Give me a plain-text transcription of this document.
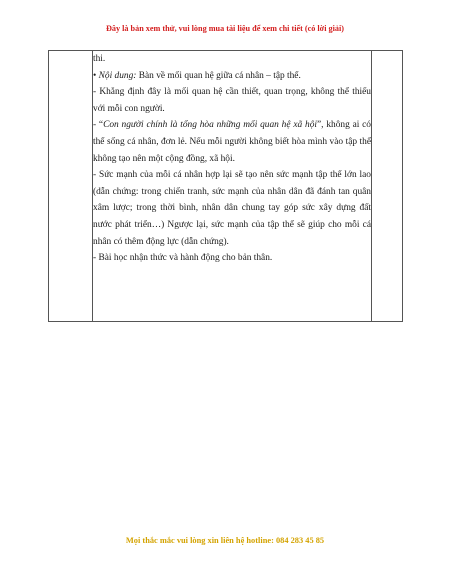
Đây là bản xem thử, vui lòng mua tài liệu để xem chi tiết (có lời giải)

thi.

• Nội dung: Bàn về mối quan hệ giữa cá nhân – tập thể.

- Khẳng định đây là mối quan hệ cần thiết, quan trọng, không thể thiếu với mỗi con người.

- “Con người chính là tổng hòa những mối quan hệ xã hội”, không ai có thể sống cá nhân, đơn lẻ. Nếu mỗi người không biết hòa mình vào tập thể không tạo nên một cộng đồng, xã hội.

- Sức mạnh của mỗi cá nhân hợp lại sẽ tạo nên sức mạnh tập thể lớn lao (dẫn chứng: trong chiến tranh, sức mạnh của nhân dân đã đánh tan quân xâm lược; trong thời bình, nhân dân chung tay góp sức xây dựng đất nước phát triển…) Ngược lại, sức mạnh của tập thể sẽ giúp cho mỗi cá nhân có thêm động lực (dẫn chứng).

- Bài học nhận thức và hành động cho bản thân.

Mọi thắc mắc vui lòng xin liên hệ hotline: 084 283 45 85
